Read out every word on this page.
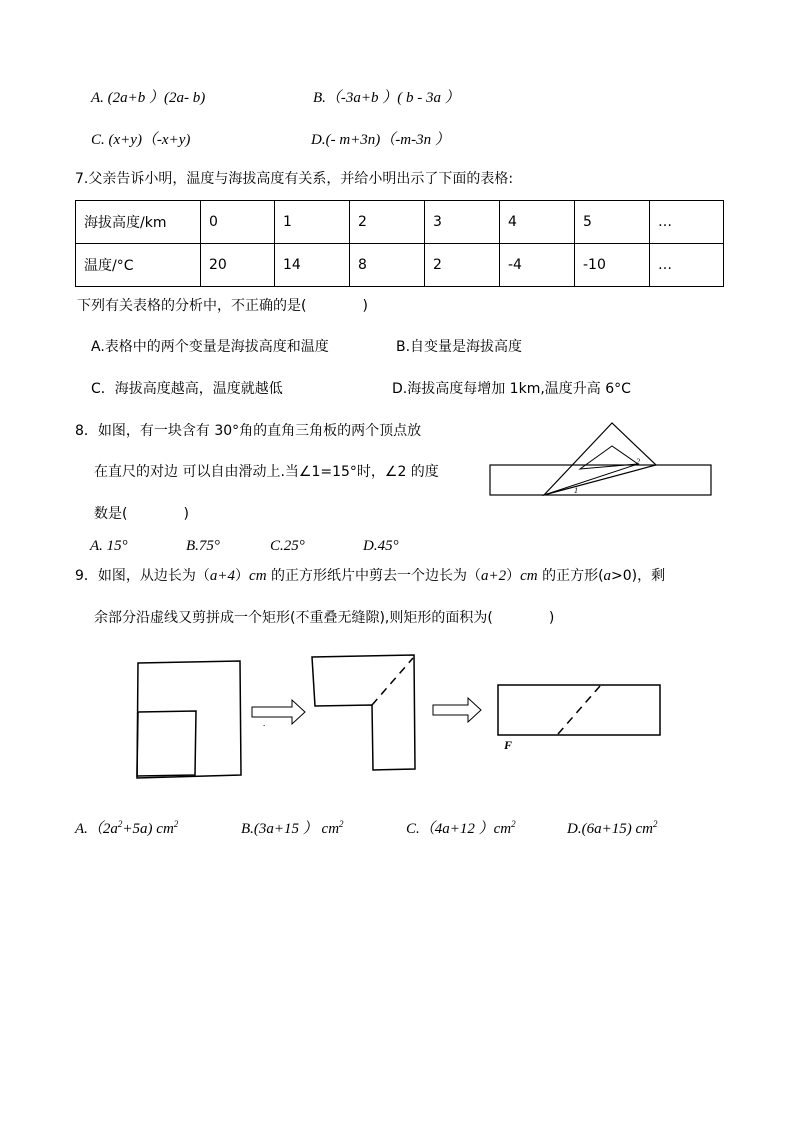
A. (2a+b ）(2a- b)	B.（-3a+b ）( b - 3a ）
C. (x+y)（-x+y)	D.(- m+3n)（-m-3n ）
7.父亲告诉小明，温度与海拔高度有关系，并给小明出示了下面的表格:
海拔高度/km	0	1	2	3	4	5	…
温度/°C	20	14	8	2	-4	-10	…
下列有关表格的分析中，不正确的是(　　　　)
A.表格中的两个变量是海拔高度和温度	B.自变量是海拔高度
C．海拔高度越高，温度就越低	D.海拔高度每增加 1km,温度升高 6°C
8．如图，有一块含有 30°角的直角三角板的两个顶点放
在直尺的对边 可以自由滑动上.当∠1=15°时，∠2 的度
数是(　　　　)
2
1
A. 15°	B.75°	C.25°	D.45°
9．如图，从边长为（a+4）cm 的正方形纸片中剪去一个边长为（a+2）cm 的正方形(a>0)，剩
余部分沿虚线又剪拼成一个矩形(不重叠无缝隙),则矩形的面积为(　　　　)
.
F
$A.(2a^2+5a)$ $cm^2$	B.(3a+15 ） $cm^2$	C.（4a+12 ）$cm^2$	D.(6a+15) $cm^2$
